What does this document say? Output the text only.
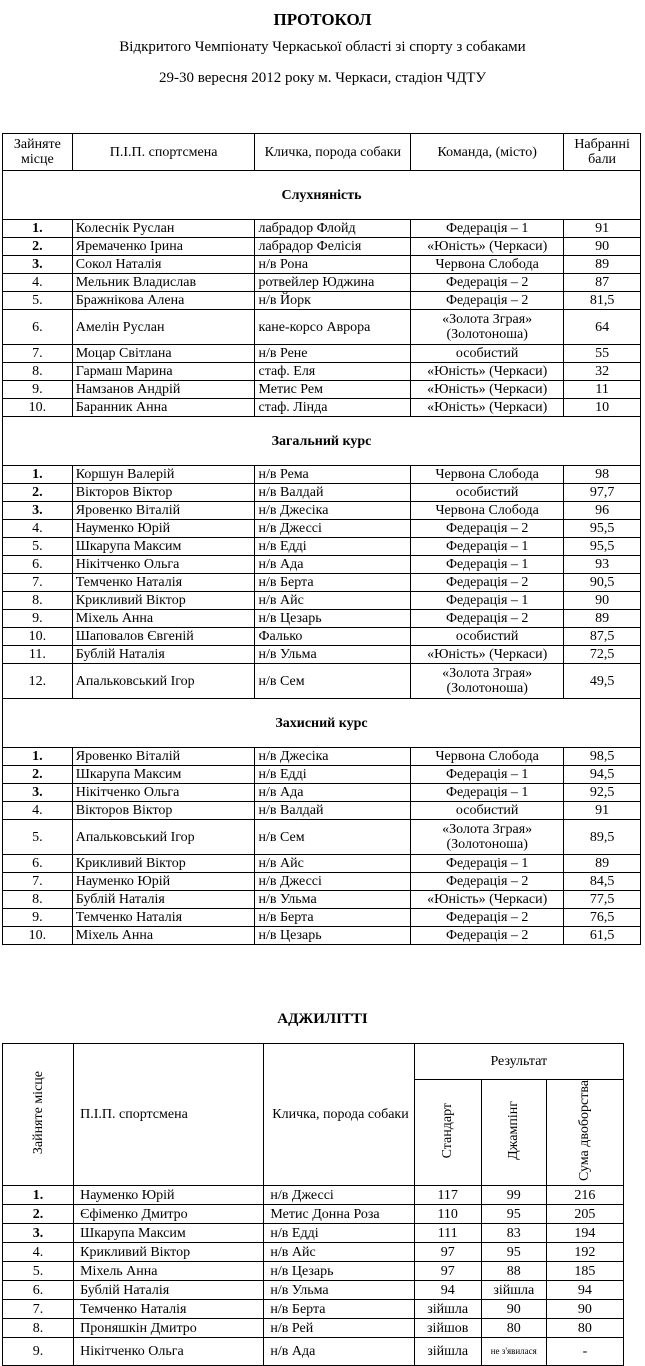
ПРОТОКОЛ
Відкритого Чемпіонату Черкаської області зі спорту з собаками
29-30 вересня 2012 року м. Черкаси, стадіон ЧДТУ
Зайняте місце	П.І.П. спортсмена	Кличка, порода собаки	Команда, (місто)	Набранні бали
Слухняність				
1.	Колеснік Руслан	лабрадор Флойд	Федерація – 1	91
2.	Яремаченко Ірина	лабрадор Фелісія	«Юність» (Черкаси)	90
3.	Сокол Наталія	н/в Рона	Червона Слобода	89
4.	Мельник Владислав	ротвейлер Юджина	Федерація – 2	87
5.	Бражнікова Алена	н/в Йорк	Федерація – 2	81,5
6.	Амелін Руслан	кане-корсо Аврора	«Золота Зграя» (Золотоноша)	64
7.	Моцар Світлана	н/в Рене	особистий	55
8.	Гармаш Марина	стаф. Еля	«Юність» (Черкаси)	32
9.	Намзанов Андрій	Метис Рем	«Юність» (Черкаси)	11
10.	Баранник Анна	стаф. Лінда	«Юність» (Черкаси)	10
Загальний курс				
1.	Коршун Валерій	н/в Рема	Червона Слобода	98
2.	Вікторов Віктор	н/в Валдай	особистий	97,7
3.	Яровенко Віталій	н/в Джесіка	Червона Слобода	96
4.	Науменко Юрій	н/в Джессі	Федерація – 2	95,5
5.	Шкарупа Максим	н/в Едді	Федерація – 1	95,5
6.	Нікітченко Ольга	н/в Ада	Федерація – 1	93
7.	Темченко Наталія	н/в Берта	Федерація – 2	90,5
8.	Крикливий Віктор	н/в Айс	Федерація – 1	90
9.	Міхель Анна	н/в Цезарь	Федерація – 2	89
10.	Шаповалов Євгеній	Фалько	особистий	87,5
11.	Бублій Наталія	н/в Ульма	«Юність» (Черкаси)	72,5
12.	Апальковський Ігор	н/в Сем	«Золота Зграя» (Золотоноша)	49,5
Захисний курс				
1.	Яровенко Віталій	н/в Джесіка	Червона Слобода	98,5
2.	Шкарупа Максим	н/в Едді	Федерація – 1	94,5
3.	Нікітченко Ольга	н/в Ада	Федерація – 1	92,5
4.	Вікторов Віктор	н/в Валдай	особистий	91
5.	Апальковський Ігор	н/в Сем	«Золота Зграя» (Золотоноша)	89,5
6.	Крикливий Віктор	н/в Айс	Федерація – 1	89
7.	Науменко Юрій	н/в Джессі	Федерація – 2	84,5
8.	Бублій Наталія	н/в Ульма	«Юність» (Черкаси)	77,5
9.	Темченко Наталія	н/в Берта	Федерація – 2	76,5
10.	Міхель Анна	н/в Цезарь	Федерація – 2	61,5
АДЖИЛІТТІ
Зайняте місце	П.І.П. спортсмена	Кличка, порода собаки	Результат		
			Стандарт	Джампінг	Сума двоборства
1.	Науменко Юрій	н/в Джессі	117	99	216
2.	Єфіменко Дмитро	Метис Донна Роза	110	95	205
3.	Шкарупа Максим	н/в Едді	111	83	194
4.	Крикливий Віктор	н/в Айс	97	95	192
5.	Міхель Анна	н/в Цезарь	97	88	185
6.	Бублій Наталія	н/в Ульма	94	зійшла	94
7.	Темченко Наталія	н/в Берта	зійшла	90	90
8.	Проняшкін Дмитро	н/в Рей	зійшов	80	80
9.	Нікітченко Ольга	н/в Ада	зійшла	не з'явилася	-
